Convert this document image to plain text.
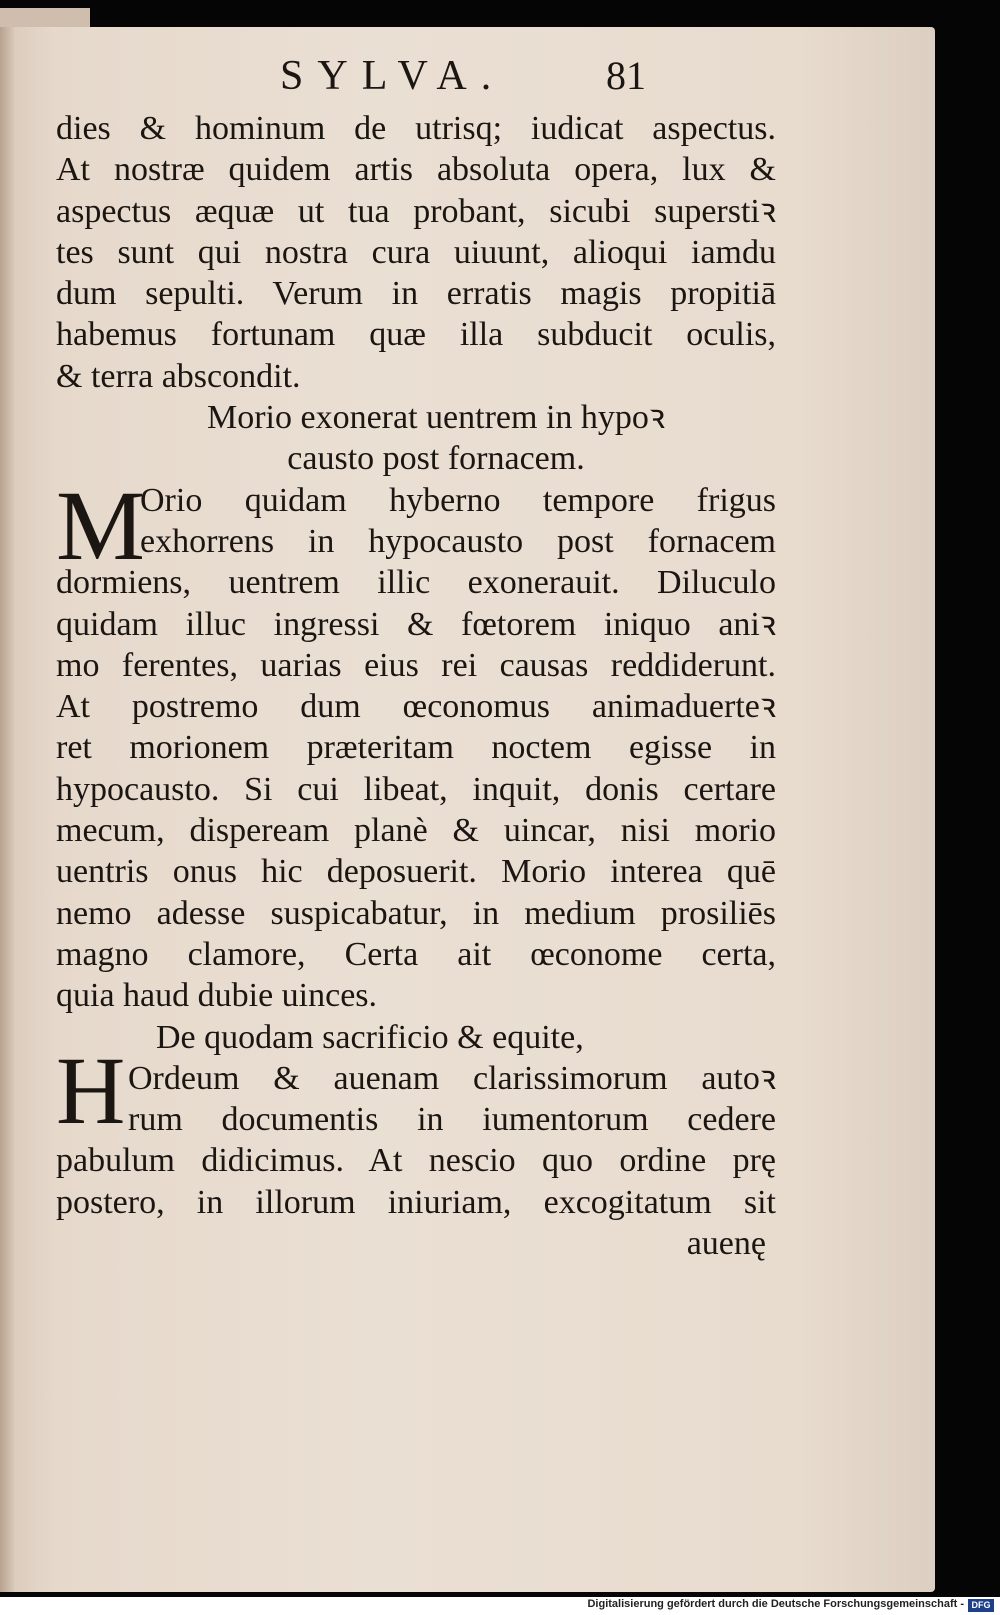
SYLVA.	81
dies & hominum de utrisq; iudicat aspectus.
At nostræ quidem artis absoluta opera, lux &
aspectus æquæ ut tua probant, sicubi superstiꝛ
tes sunt qui nostra cura uiuunt, alioqui iamdu
dum sepulti. Verum in erratis magis propitiā
habemus fortunam quæ illa subducit oculis,
& terra abscondit.
Morio exonerat uentrem in hypoꝛ
causto post fornacem.
M
Orio quidam hyberno tempore frigus
exhorrens in hypocausto post fornacem
dormiens, uentrem illic exonerauit. Diluculo
quidam illuc ingressi & fœtorem iniquo aniꝛ
mo ferentes, uarias eius rei causas reddiderunt.
At postremo dum œconomus animaduerteꝛ
ret morionem præteritam noctem egisse in
hypocausto. Si cui libeat, inquit, donis certare
mecum, dispeream planè & uincar, nisi morio
uentris onus hic deposuerit. Morio interea quē
nemo adesse suspicabatur, in medium prosiliēs
magno clamore, Certa ait œconome certa,
quia haud dubie uinces.
De quodam sacrificio & equite,
H Ordeum & auenam clarissimorum autoꝛ
rum documentis in iumentorum cedere
pabulum didicimus. At nescio quo ordine prę
postero, in illorum iniuriam, excogitatum sit
auenę
Digitalisierung gefördert durch die Deutsche Forschungsgemeinschaft - DFG
